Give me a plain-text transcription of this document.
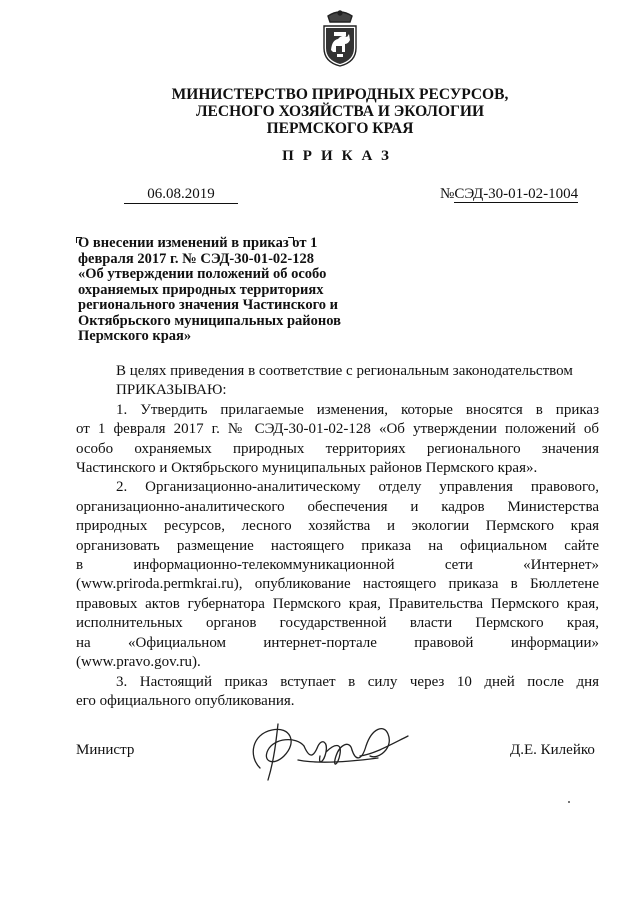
МИНИСТЕРСТВО ПРИРОДНЫХ РЕСУРСОВ,
ЛЕСНОГО ХОЗЯЙСТВА И ЭКОЛОГИИ
ПЕРМСКОГО КРАЯ
ПРИКАЗ
06.08.2019	№СЭД-30-01-02-1004
О внесении изменений в приказ от 1
февраля 2017 г. № СЭД-30-01-02-128
«Об утверждении положений об особо
охраняемых природных территориях
регионального значения Частинского и
Октябрьского муниципальных районов
Пермского края»

В целях приведения в соответствие с региональным законодательством
ПРИКАЗЫВАЮ:

1. Утвердить прилагаемые изменения, которые вносятся в приказ
от 1 февраля 2017 г. № СЭД-30-01-02-128 «Об утверждении положений об
особо охраняемых природных территориях регионального значения
Частинского и Октябрьского муниципальных районов Пермского края».

2. Организационно-аналитическому отделу управления правового,
организационно-аналитического обеспечения и кадров Министерства
природных ресурсов, лесного хозяйства и экологии Пермского края
организовать размещение настоящего приказа на официальном сайте
в информационно-телекоммуникационной сети «Интернет»
(www.priroda.permkrai.ru), опубликование настоящего приказа в Бюллетене
правовых актов губернатора Пермского края, Правительства Пермского края,
исполнительных органов государственной власти Пермского края,
на «Официальном интернет-портале правовой информации»
(www.pravo.gov.ru).

3. Настоящий приказ вступает в силу через 10 дней после дня
его официального опубликования.

Министр	Д.Е. Килейко
